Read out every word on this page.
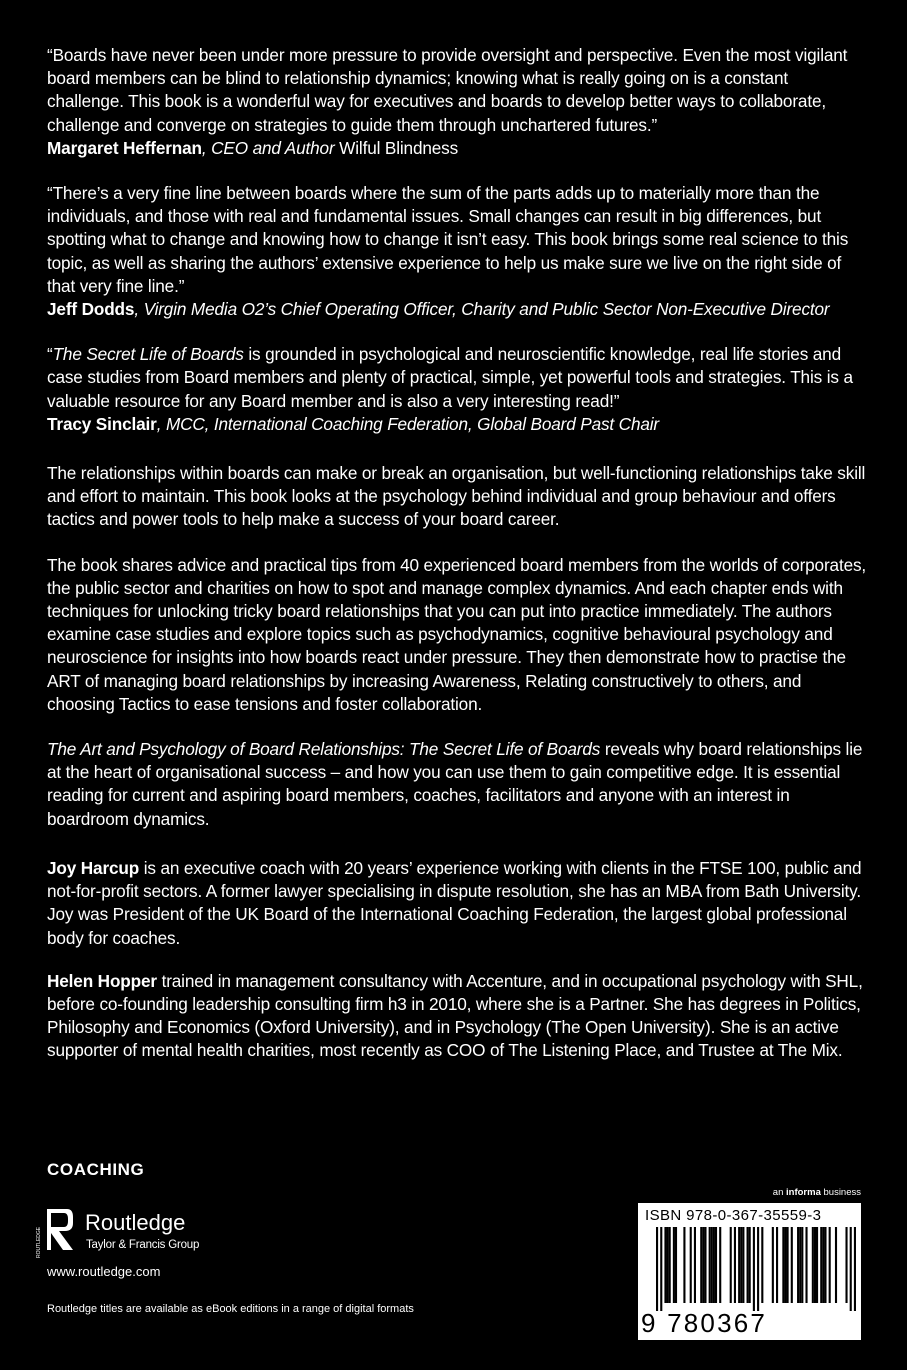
“Boards have never been under more pressure to provide oversight and perspective. Even the most vigilant board members can be blind to relationship dynamics; knowing what is really going on is a constant challenge. This book is a wonderful way for executives and boards to develop better ways to collaborate, challenge and converge on strategies to guide them through unchartered futures.”
Margaret Heffernan, CEO and Author Wilful Blindness

“There’s a very fine line between boards where the sum of the parts adds up to materially more than the individuals, and those with real and fundamental issues. Small changes can result in big differences, but spotting what to change and knowing how to change it isn’t easy. This book brings some real science to this topic, as well as sharing the authors’ extensive experience to help us make sure we live on the right side of that very fine line.”
Jeff Dodds, Virgin Media O2’s Chief Operating Officer, Charity and Public Sector Non-Executive Director

“The Secret Life of Boards is grounded in psychological and neuroscientific knowledge, real life stories and case studies from Board members and plenty of practical, simple, yet powerful tools and strategies. This is a valuable resource for any Board member and is also a very interesting read!”
Tracy Sinclair, MCC, International Coaching Federation, Global Board Past Chair

The relationships within boards can make or break an organisation, but well-functioning relationships take skill and effort to maintain. This book looks at the psychology behind individual and group behaviour and offers tactics and power tools to help make a success of your board career.

The book shares advice and practical tips from 40 experienced board members from the worlds of corporates, the public sector and charities on how to spot and manage complex dynamics. And each chapter ends with techniques for unlocking tricky board relationships that you can put into practice immediately. The authors examine case studies and explore topics such as psychodynamics, cognitive behavioural psychology and neuroscience for insights into how boards react under pressure. They then demonstrate how to practise the ART of managing board relationships by increasing Awareness, Relating constructively to others, and choosing Tactics to ease tensions and foster collaboration.

The Art and Psychology of Board Relationships: The Secret Life of Boards reveals why board relationships lie at the heart of organisational success – and how you can use them to gain competitive edge. It is essential reading for current and aspiring board members, coaches, facilitators and anyone with an interest in boardroom dynamics.

Joy Harcup is an executive coach with 20 years’ experience working with clients in the FTSE 100, public and not-for-profit sectors. A former lawyer specialising in dispute resolution, she has an MBA from Bath University. Joy was President of the UK Board of the International Coaching Federation, the largest global professional body for coaches.

Helen Hopper trained in management consultancy with Accenture, and in occupational psychology with SHL, before co-founding leadership consulting firm h3 in 2010, where she is a Partner. She has degrees in Politics, Philosophy and Economics (Oxford University), and in Psychology (The Open University). She is an active supporter of mental health charities, most recently as COO of The Listening Place, and Trustee at The Mix.

COACHING
ROUTLEDGE
Routledge
Taylor & Francis Group
www.routledge.com
Routledge titles are available as eBook editions in a range of digital formats
an informa business
ISBN 978-0-367-35559-3
9 780367 355593
